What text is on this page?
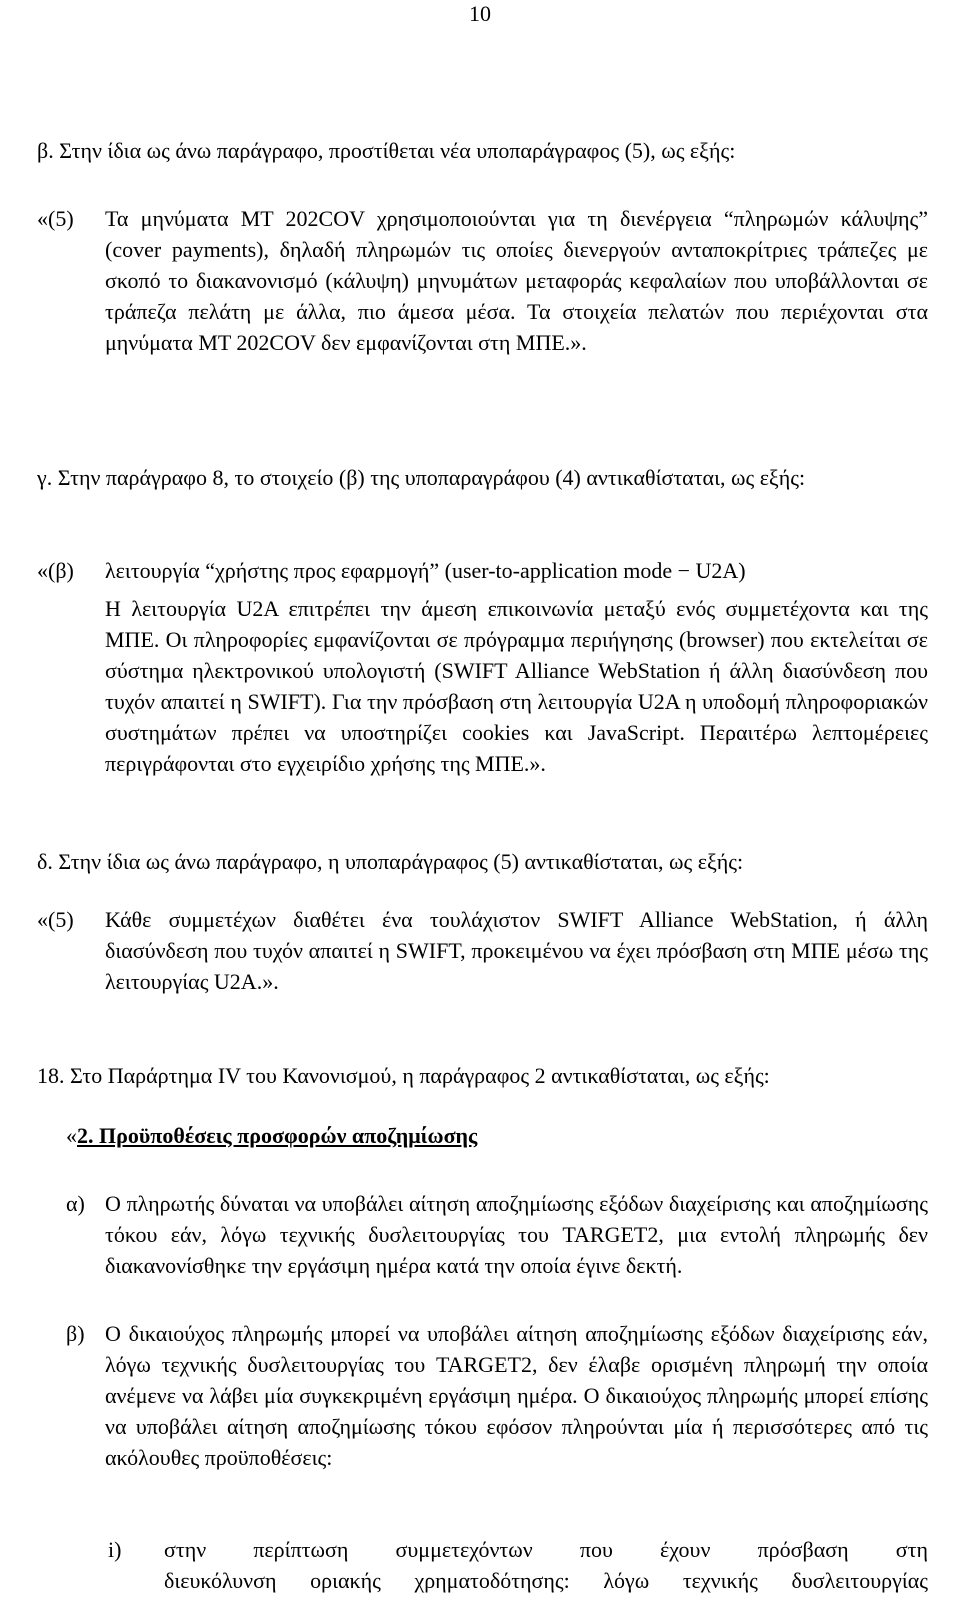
10

β. Στην ίδια ως άνω παράγραφο, προστίθεται νέα υποπαράγραφος (5), ως εξής:

«(5) Τα μηνύματα MT 202COV χρησιμοποιούνται για τη διενέργεια “πληρωμών κάλυψης” (cover payments), δηλαδή πληρωμών τις οποίες διενεργούν ανταποκρίτριες τράπεζες με σκοπό το διακανονισμό (κάλυψη) μηνυμάτων μεταφοράς κεφαλαίων που υποβάλλονται σε τράπεζα πελάτη με άλλα, πιο άμεσα μέσα. Τα στοιχεία πελατών που περιέχονται στα μηνύματα MT 202COV δεν εμφανίζονται στη ΜΠΕ.».

γ. Στην παράγραφο 8, το στοιχείο (β) της υποπαραγράφου (4) αντικαθίσταται, ως εξής:

«(β) λειτουργία “χρήστης προς εφαρμογή” (user-to-application mode − U2A)

Η λειτουργία U2A επιτρέπει την άμεση επικοινωνία μεταξύ ενός συμμετέχοντα και της ΜΠΕ. Οι πληροφορίες εμφανίζονται σε πρόγραμμα περιήγησης (browser) που εκτελείται σε σύστημα ηλεκτρονικού υπολογιστή (SWIFT Alliance WebStation ή άλλη διασύνδεση που τυχόν απαιτεί η SWIFT). Για την πρόσβαση στη λειτουργία U2A η υποδομή πληροφοριακών συστημάτων πρέπει να υποστηρίζει cookies και JavaScript. Περαιτέρω λεπτομέρειες περιγράφονται στο εγχειρίδιο χρήσης της ΜΠΕ.».

δ. Στην ίδια ως άνω παράγραφο, η υποπαράγραφος (5) αντικαθίσταται, ως εξής:

«(5) Κάθε συμμετέχων διαθέτει ένα τουλάχιστον SWIFT Alliance WebStation, ή άλλη διασύνδεση που τυχόν απαιτεί η SWIFT, προκειμένου να έχει πρόσβαση στη ΜΠΕ μέσω της λειτουργίας U2A.».

18. Στο Παράρτημα IV του Κανονισμού, η παράγραφος 2 αντικαθίσταται, ως εξής:

«2. Προϋποθέσεις προσφορών αποζημίωσης

α) Ο πληρωτής δύναται να υποβάλει αίτηση αποζημίωσης εξόδων διαχείρισης και αποζημίωσης τόκου εάν, λόγω τεχνικής δυσλειτουργίας του TARGET2, μια εντολή πληρωμής δεν διακανονίσθηκε την εργάσιμη ημέρα κατά την οποία έγινε δεκτή.

β) Ο δικαιούχος πληρωμής μπορεί να υποβάλει αίτηση αποζημίωσης εξόδων διαχείρισης εάν, λόγω τεχνικής δυσλειτουργίας του TARGET2, δεν έλαβε ορισμένη πληρωμή την οποία ανέμενε να λάβει μία συγκεκριμένη εργάσιμη ημέρα. Ο δικαιούχος πληρωμής μπορεί επίσης να υποβάλει αίτηση αποζημίωσης τόκου εφόσον πληρούνται μία ή περισσότερες από τις ακόλουθες προϋποθέσεις:

i) στην περίπτωση συμμετεχόντων που έχουν πρόσβαση στη

διευκόλυνση οριακής χρηματοδότησης: λόγω τεχνικής δυσλειτουργίας
